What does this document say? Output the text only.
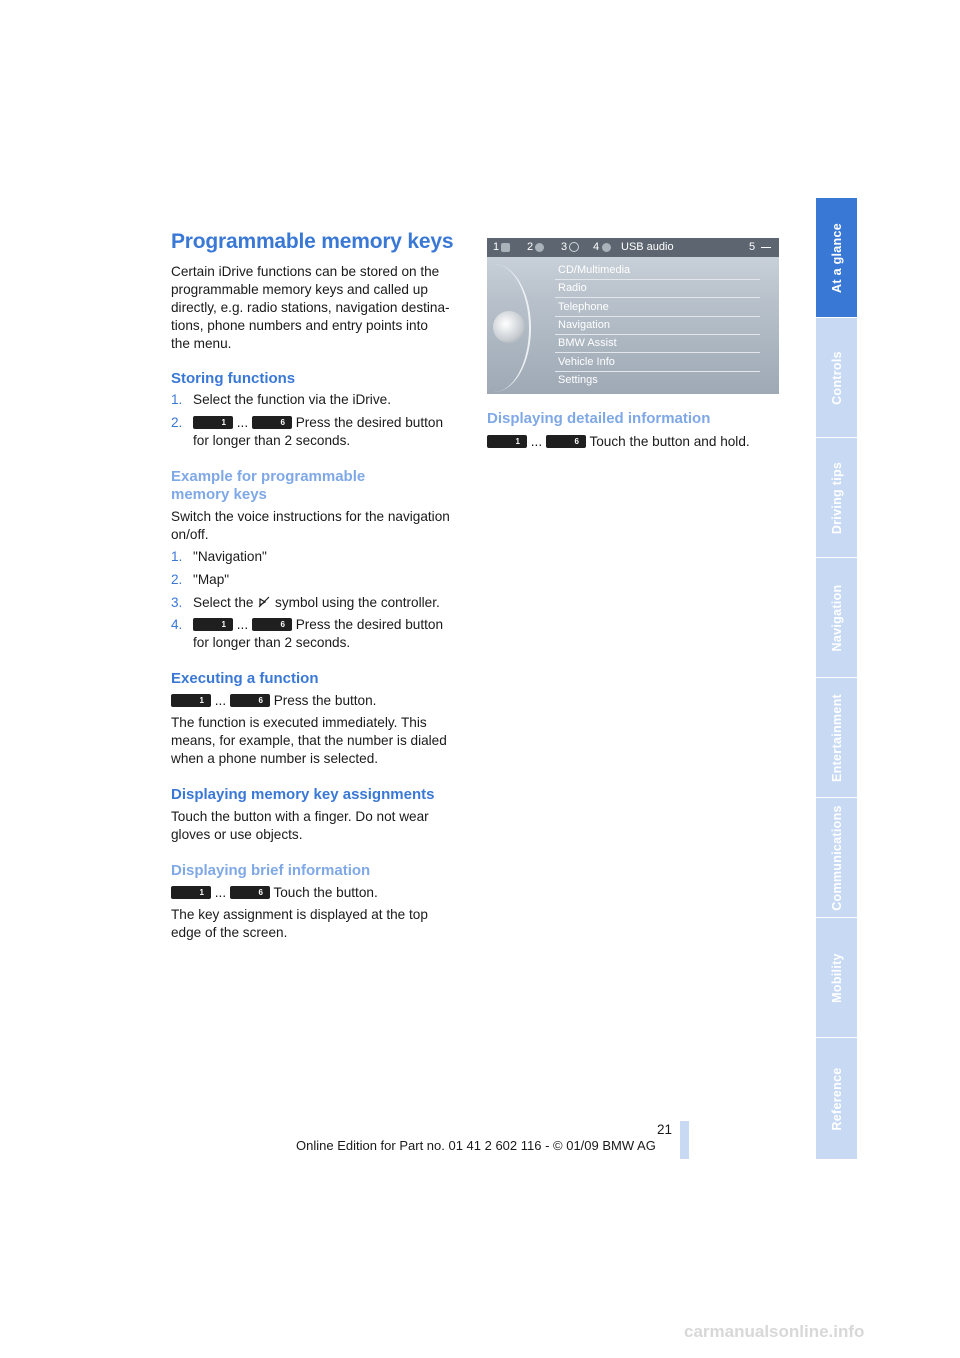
Programmable memory keys
Certain iDrive functions can be stored on the
programmable memory keys and called up
directly, e.g. radio stations, navigation destina-
tions, phone numbers and entry points into
the menu.
Storing functions
1. Select the function via the iDrive.
2.	1 ...	6 Press the desired button
for longer than 2 seconds.
Example for programmable
memory keys
Switch the voice instructions for the navigation
on/off.
1. "Navigation"
2. "Map"
3. Select the symbol using the controller.
4.	1 ...	6 Press the desired button
for longer than 2 seconds.
Executing a function
1 ...	6 Press the button.
The function is executed immediately. This
means, for example, that the number is dialed
when a phone number is selected.
Displaying memory key assignments
Touch the button with a finger. Do not wear
gloves or use objects.
Displaying brief information
1 ...	6 Touch the button.
The key assignment is displayed at the top
edge of the screen.
1	2	3 4 USB audio	5
CD/Multimedia
Radio
Telephone
Navigation
BMW Assist
Vehicle Info
Settings
Displaying detailed information
1 ...	6 Touch the button and hold.
At a glance
Controls
Driving tips
Navigation
Entertainment
Communications
Mobility
Reference
21
Online Edition for Part no. 01 41 2 602 116 - © 01/09 BMW AG
carmanualsonline.info
